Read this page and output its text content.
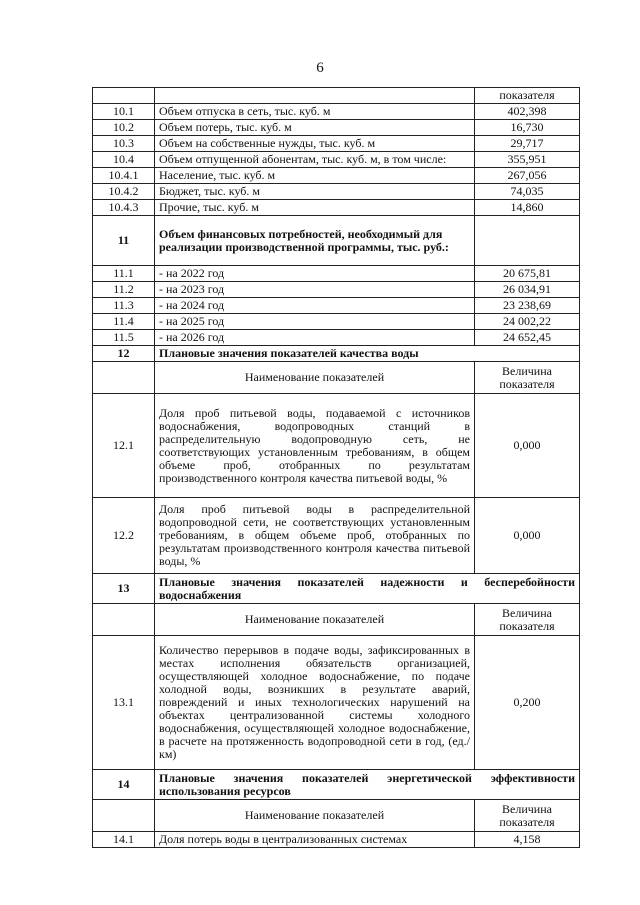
6
		показателя
10.1	Объем отпуска в сеть, тыс. куб. м	402,398
10.2	Объем потерь, тыс. куб. м	16,730
10.3	Объем на собственные нужды, тыс. куб. м	29,717
10.4	Объем отпущенной абонентам, тыс. куб. м, в том числе:	355,951
10.4.1	Население, тыс. куб. м	267,056
10.4.2	Бюджет, тыс. куб. м	74,035
10.4.3	Прочие, тыс. куб. м	14,860
11	Объем финансовых потребностей, необходимый для реализации производственной программы, тыс. руб.:	
11.1	- на 2022 год	20 675,81
11.2	- на 2023 год	26 034,91
11.3	- на 2024 год	23 238,69
11.4	- на 2025 год	24 002,22
11.5	- на 2026 год	24 652,45
12	Плановые значения показателей качества воды	
	Наименование показателей	Величина показателя
12.1	Доля проб питьевой воды, подаваемой с источников водоснабжения, водопроводных станций в распределительную водопроводную сеть, не соответствующих установленным требованиям, в общем объеме проб, отобранных по результатам производственного контроля качества питьевой воды, %	0,000
12.2	Доля проб питьевой воды в распределительной водопроводной сети, не соответствующих установленным требованиям, в общем объеме проб, отобранных по результатам производственного контроля качества питьевой воды, %	0,000
13	Плановые значения показателей надежности и бесперебойности водоснабжения	
	Наименование показателей	Величина показателя
13.1	Количество перерывов в подаче воды, зафиксированных в местах исполнения обязательств организацией, осуществляющей холодное водоснабжение, по подаче холодной воды, возникших в результате аварий, повреждений и иных технологических нарушений на объектах централизованной системы холодного водоснабжения, осуществляющей холодное водоснабжение, в расчете на протяженность водопроводной сети в год, (ед./км)	0,200
14	Плановые значения показателей энергетической эффективности использования ресурсов	
	Наименование показателей	Величина показателя
14.1	Доля потерь воды в централизованных системах	4,158
